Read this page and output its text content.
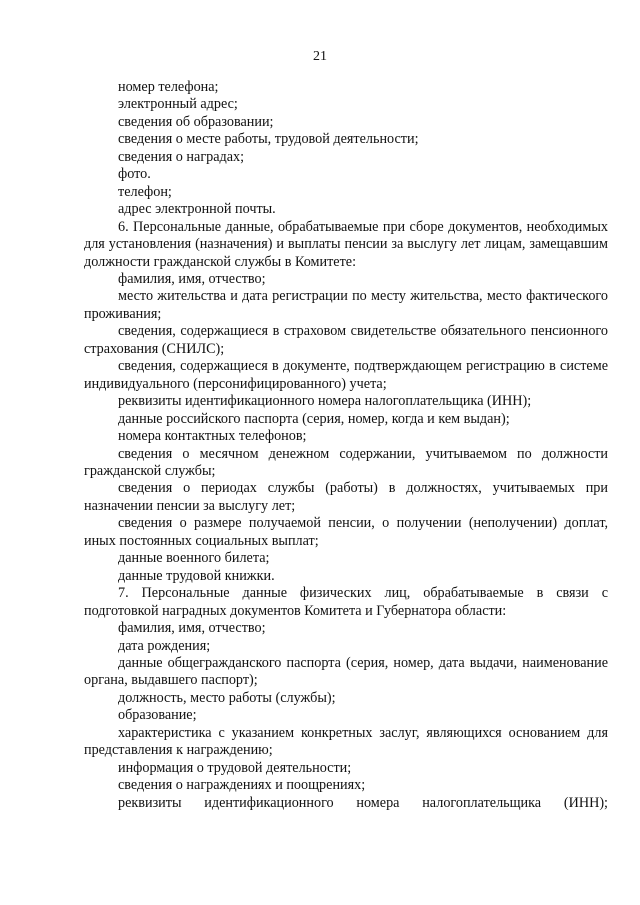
21

номер телефона;

электронный адрес;

сведения об образовании;

сведения о месте работы, трудовой деятельности;

сведения о наградах;

фото.

телефон;

адрес электронной почты.

6. Персональные данные, обрабатываемые при сборе документов, необходимых для установления (назначения) и выплаты пенсии за выслугу лет лицам, замещавшим должности гражданской службы в Комитете:

фамилия, имя, отчество;

место жительства и дата регистрации по месту жительства, место фактического проживания;

сведения, содержащиеся в страховом свидетельстве обязательного пенсионного страхования (СНИЛС);

сведения, содержащиеся в документе, подтверждающем регистрацию в системе индивидуального (персонифицированного) учета;

реквизиты идентификационного номера налогоплательщика (ИНН);

данные российского паспорта (серия, номер, когда и кем выдан);

номера контактных телефонов;

сведения о месячном денежном содержании, учитываемом по должности гражданской службы;

сведения о периодах службы (работы) в должностях, учитываемых при назначении пенсии за выслугу лет;

сведения о размере получаемой пенсии, о получении (неполучении) доплат, иных постоянных социальных выплат;

данные военного билета;

данные трудовой книжки.

7. Персональные данные физических лиц, обрабатываемые в связи с подготовкой наградных документов Комитета и Губернатора области:

фамилия, имя, отчество;

дата рождения;

данные общегражданского паспорта (серия, номер, дата выдачи, наименование органа, выдавшего паспорт);

должность, место работы (службы);

образование;

характеристика с указанием конкретных заслуг, являющихся основанием для представления к награждению;

информация о трудовой деятельности;

сведения о награждениях и поощрениях;

реквизиты идентификационного номера налогоплательщика (ИНН);
